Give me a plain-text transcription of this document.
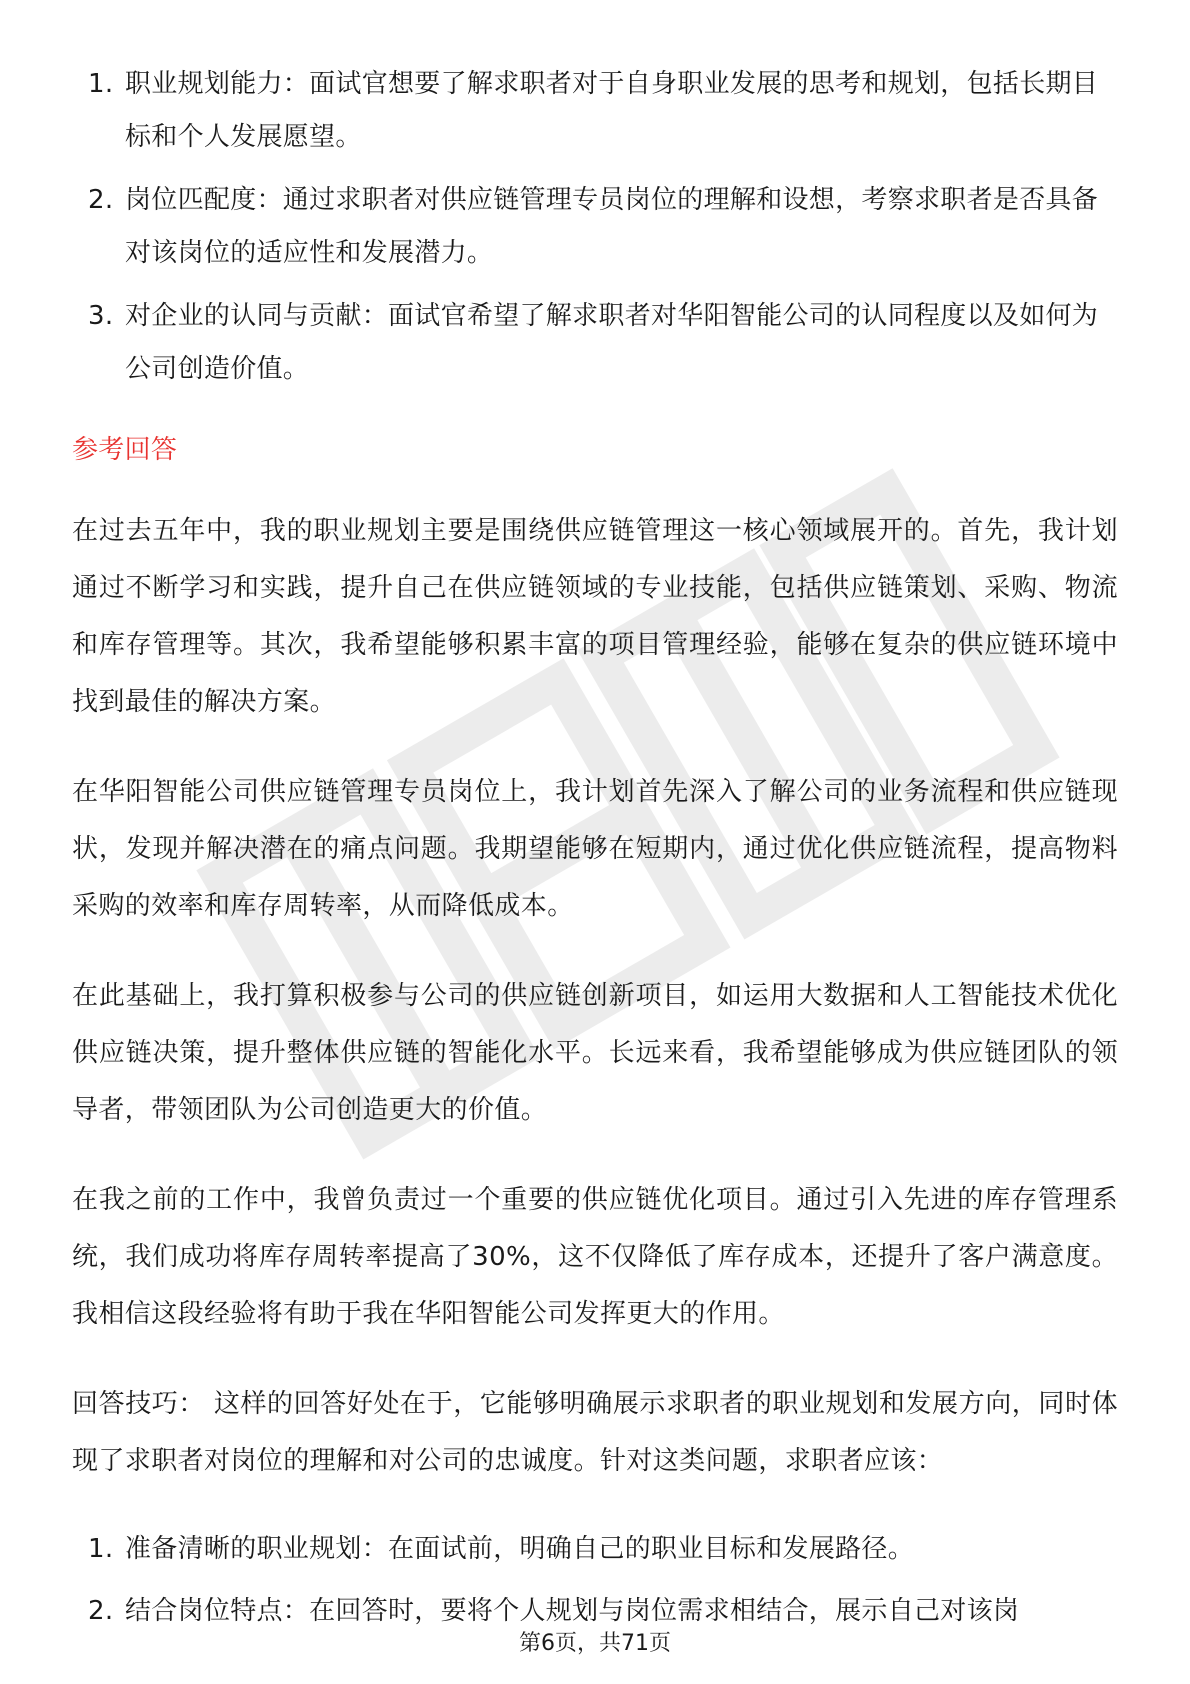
1. 职业规划能力：面试官想要了解求职者对于自身职业发展的思考和规划，包括长期目标和个人发展愿望。
2. 岗位匹配度：通过求职者对供应链管理专员岗位的理解和设想，考察求职者是否具备对该岗位的适应性和发展潜力。
3. 对企业的认同与贡献：面试官希望了解求职者对华阳智能公司的认同程度以及如何为公司创造价值。
参考回答

在过去五年中，我的职业规划主要是围绕供应链管理这一核心领域展开的。首先，我计划通过不断学习和实践，提升自己在供应链领域的专业技能，包括供应链策划、采购、物流和库存管理等。其次，我希望能够积累丰富的项目管理经验，能够在复杂的供应链环境中找到最佳的解决方案。

在华阳智能公司供应链管理专员岗位上，我计划首先深入了解公司的业务流程和供应链现状，发现并解决潜在的痛点问题。我期望能够在短期内，通过优化供应链流程，提高物料采购的效率和库存周转率，从而降低成本。

在此基础上，我打算积极参与公司的供应链创新项目，如运用大数据和人工智能技术优化供应链决策，提升整体供应链的智能化水平。长远来看，我希望能够成为供应链团队的领导者，带领团队为公司创造更大的价值。

在我之前的工作中，我曾负责过一个重要的供应链优化项目。通过引入先进的库存管理系统，我们成功将库存周转率提高了30%，这不仅降低了库存成本，还提升了客户满意度。我相信这段经验将有助于我在华阳智能公司发挥更大的作用。

回答技巧： 这样的回答好处在于，它能够明确展示求职者的职业规划和发展方向，同时体现了求职者对岗位的理解和对公司的忠诚度。针对这类问题，求职者应该：

1. 准备清晰的职业规划：在面试前，明确自己的职业目标和发展路径。
2. 结合岗位特点：在回答时，要将个人规划与岗位需求相结合，展示自己对该岗
第6页，共71页
